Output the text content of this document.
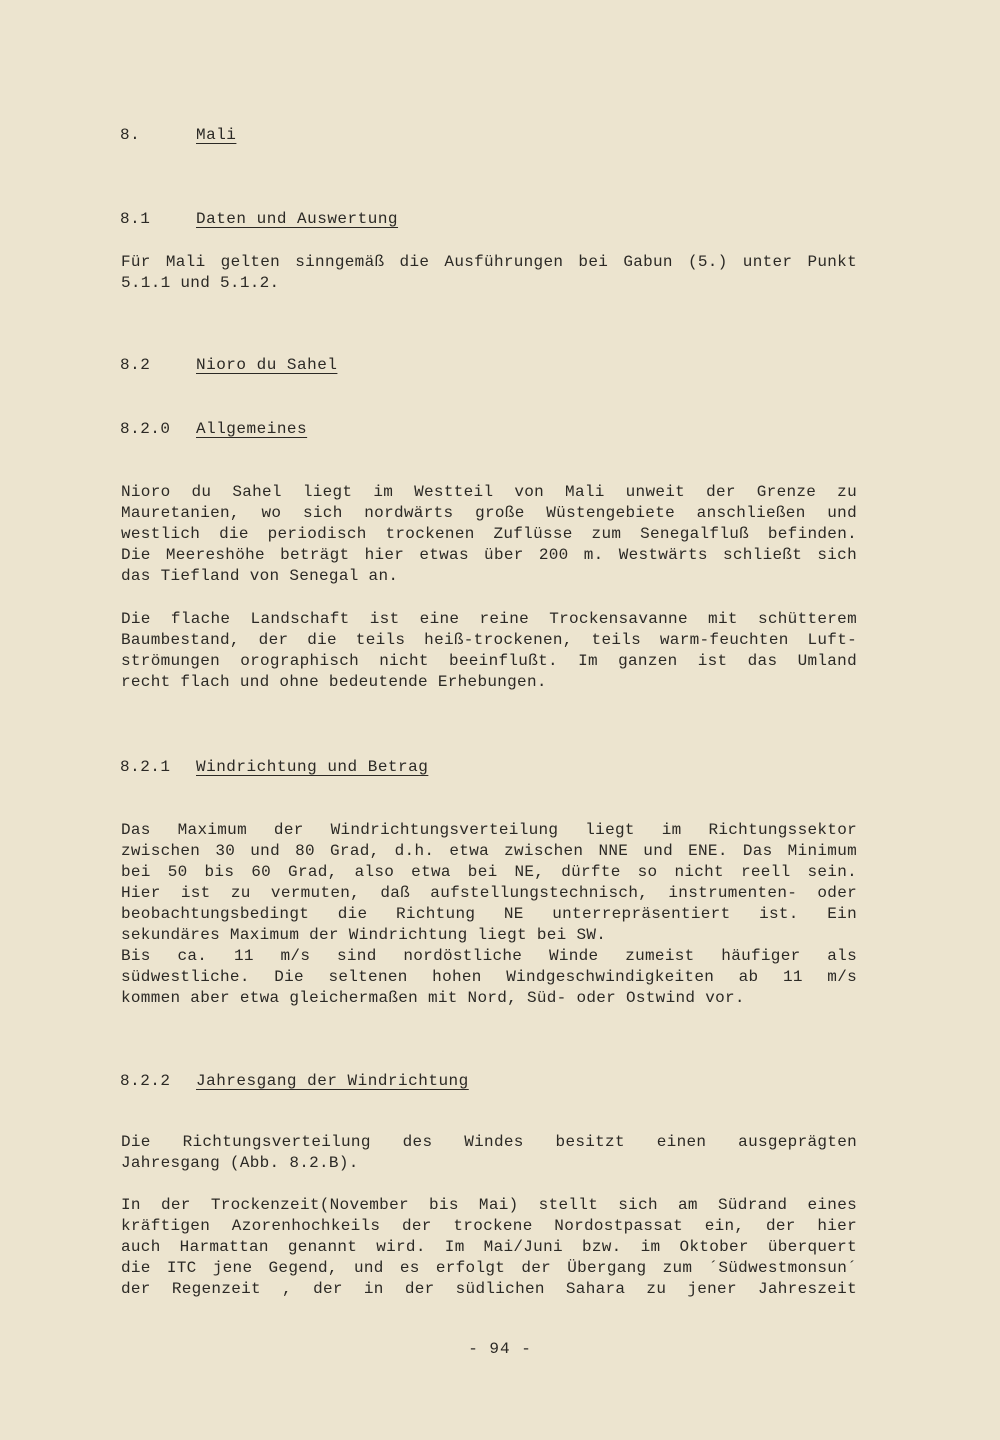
8.	Mali
8.1	Daten und Auswertung
Für Mali gelten sinngemäß die Ausführungen bei Gabun (5.) unter Punkt
5.1.1 und 5.1.2.
8.2	Nioro du Sahel
8.2.0 Allgemeines
Nioro du Sahel liegt im Westteil von Mali unweit der Grenze zu
Mauretanien, wo sich nordwärts große Wüstengebiete anschließen und
westlich die periodisch trockenen Zuflüsse zum Senegalfluß befinden.
Die Meereshöhe beträgt hier etwas über 200 m. Westwärts schließt sich
das Tiefland von Senegal an.
Die flache Landschaft ist eine reine Trockensavanne mit schütterem
Baumbestand, der die teils heiß-trockenen, teils warm-feuchten Luft-
strömungen orographisch nicht beeinflußt. Im ganzen ist das Umland
recht flach und ohne bedeutende Erhebungen.
8.2.1 Windrichtung und Betrag
Das Maximum der Windrichtungsverteilung liegt im Richtungssektor
zwischen 30 und 80 Grad, d.h. etwa zwischen NNE und ENE. Das Minimum
bei 50 bis 60 Grad, also etwa bei NE, dürfte so nicht reell sein.
Hier ist zu vermuten, daß aufstellungstechnisch, instrumenten- oder
beobachtungsbedingt die Richtung NE unterrepräsentiert ist. Ein
sekundäres Maximum der Windrichtung liegt bei SW.
Bis ca. 11 m/s sind nordöstliche Winde zumeist häufiger als
südwestliche. Die seltenen hohen Windgeschwindigkeiten ab 11 m/s
kommen aber etwa gleichermaßen mit Nord, Süd- oder Ostwind vor.
8.2.2 Jahresgang der Windrichtung
Die Richtungsverteilung des Windes besitzt einen ausgeprägten
Jahresgang (Abb. 8.2.B).
In der Trockenzeit(November bis Mai) stellt sich am Südrand eines
kräftigen Azorenhochkeils der trockene Nordostpassat ein, der hier
auch Harmattan genannt wird. Im Mai/Juni bzw. im Oktober überquert
die ITC jene Gegend, und es erfolgt der Übergang zum ´Südwestmonsun´
der Regenzeit , der in der südlichen Sahara zu jener Jahreszeit
- 94 -
